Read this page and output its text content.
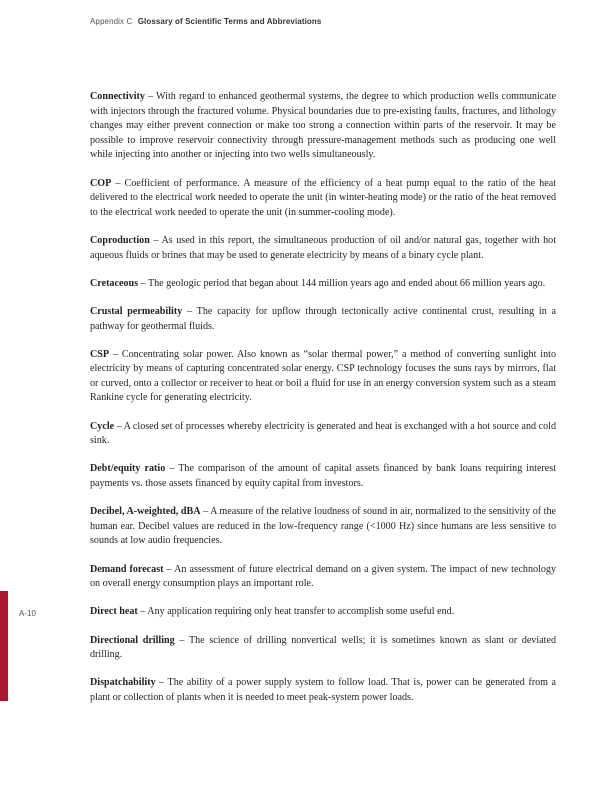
Appendix C Glossary of Scientific Terms and Abbreviations
A-10

Connectivity – With regard to enhanced geothermal systems, the degree to which production wells communicate with injectors through the fractured volume. Physical boundaries due to pre-existing faults, fractures, and lithology changes may either prevent connection or make too strong a connection within parts of the reservoir. It may be possible to improve reservoir connectivity through pressure-management methods such as producing one well while injecting into another or injecting into two wells simultaneously.

COP – Coefficient of performance. A measure of the efficiency of a heat pump equal to the ratio of the heat delivered to the electrical work needed to operate the unit (in winter-heating mode) or the ratio of the heat removed to the electrical work needed to operate the unit (in summer-cooling mode).

Coproduction – As used in this report, the simultaneous production of oil and/or natural gas, together with hot aqueous fluids or brines that may be used to generate electricity by means of a binary cycle plant.

Cretaceous – The geologic period that began about 144 million years ago and ended about 66 million years ago.

Crustal permeability – The capacity for upflow through tectonically active continental crust, resulting in a pathway for geothermal fluids.

CSP – Concentrating solar power. Also known as “solar thermal power,” a method of converting sunlight into electricity by means of capturing concentrated solar energy. CSP technology focuses the suns rays by mirrors, flat or curved, onto a collector or receiver to heat or boil a fluid for use in an energy conversion system such as a steam Rankine cycle for generating electricity.

Cycle – A closed set of processes whereby electricity is generated and heat is exchanged with a hot source and cold sink.

Debt/equity ratio – The comparison of the amount of capital assets financed by bank loans requiring interest payments vs. those assets financed by equity capital from investors.

Decibel, A-weighted, dBA – A measure of the relative loudness of sound in air, normalized to the sensitivity of the human ear. Decibel values are reduced in the low-frequency range (<1000 Hz) since humans are less sensitive to sounds at low audio frequencies.

Demand forecast – An assessment of future electrical demand on a given system. The impact of new technology on overall energy consumption plays an important role.

Direct heat – Any application requiring only heat transfer to accomplish some useful end.

Directional drilling – The science of drilling nonvertical wells; it is sometimes known as slant or deviated drilling.

Dispatchability – The ability of a power supply system to follow load. That is, power can be generated from a plant or collection of plants when it is needed to meet peak-system power loads.
